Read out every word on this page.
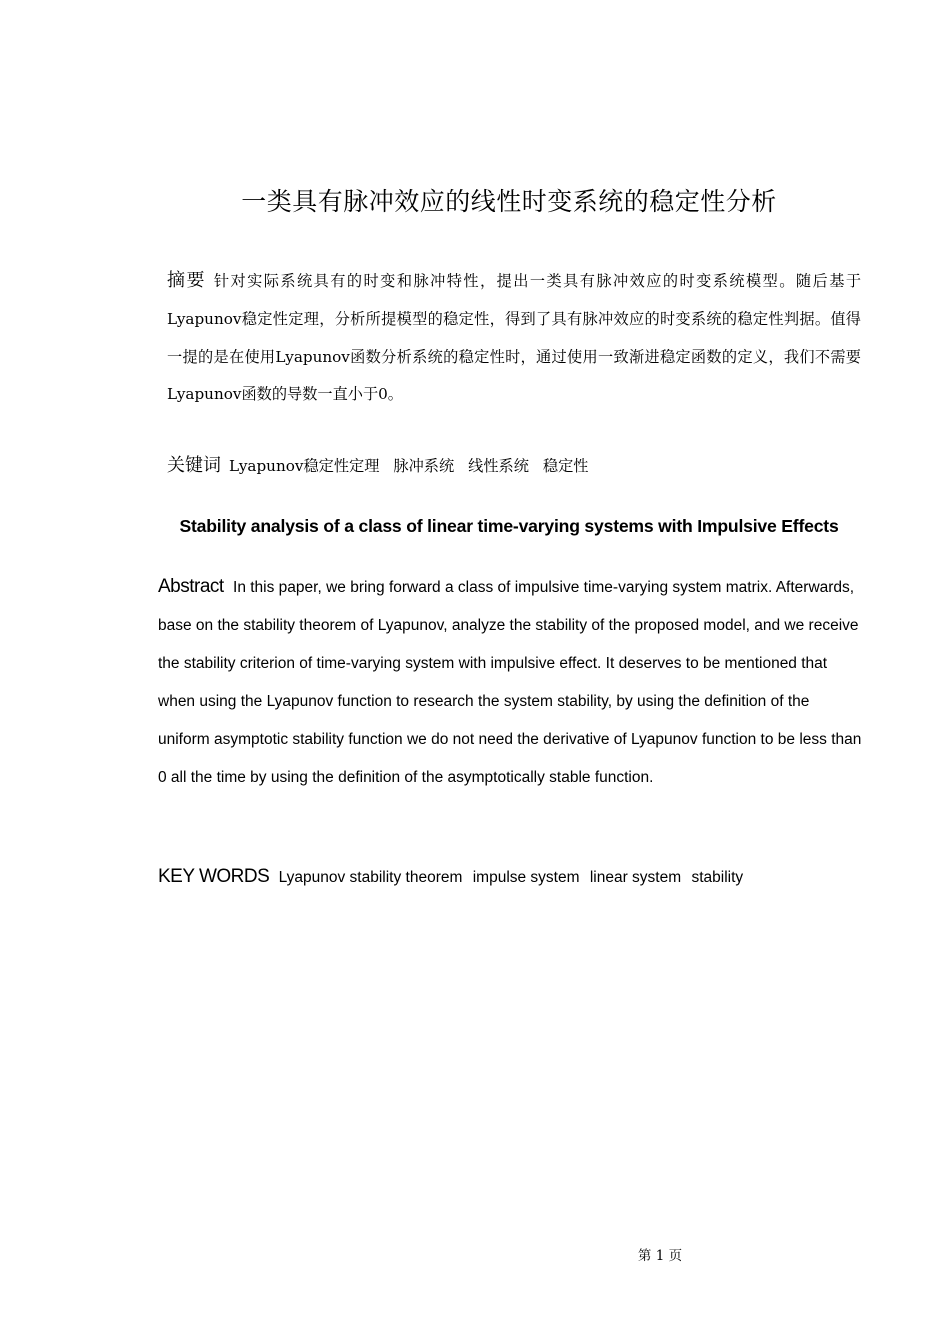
一类具有脉冲效应的线性时变系统的稳定性分析
摘要 针对实际系统具有的时变和脉冲特性，提出一类具有脉冲效应的时变系统模型。随后基于Lyapunov稳定性定理，分析所提模型的稳定性，得到了具有脉冲效应的时变系统的稳定性判据。值得一提的是在使用Lyapunov函数分析系统的稳定性时，通过使用一致渐进稳定函数的定义，我们不需要Lyapunov函数的导数一直小于0。
关键词 Lyapunov稳定性定理 脉冲系统 线性系统 稳定性
Stability analysis of a class of linear time-varying systems with Impulsive Effects
Abstract In this paper, we bring forward a class of impulsive time-varying system matrix. Afterwards, base on the stability theorem of Lyapunov, analyze the stability of the proposed model, and we receive the stability criterion of time-varying system with impulsive effect. It deserves to be mentioned that when using the Lyapunov function to research the system stability, by using the definition of the uniform asymptotic stability function we do not need the derivative of Lyapunov function to be less than 0 all the time by using the definition of the asymptotically stable function.
KEY WORDS Lyapunov stability theorem impulse system linear system stability
第 1 页
